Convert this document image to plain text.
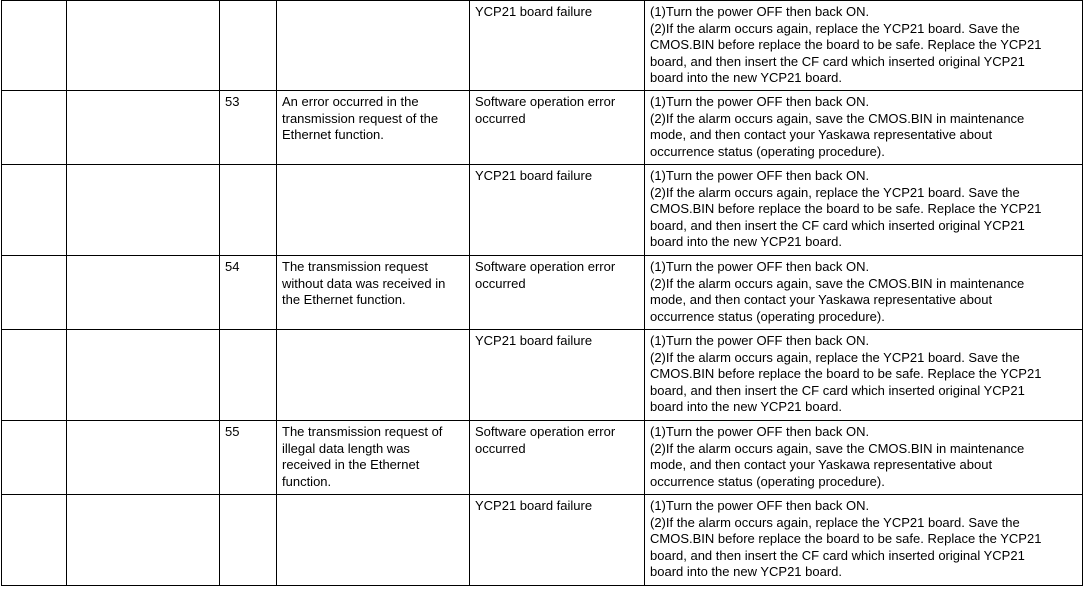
				YCP21 board failure	(1)Turn the power OFF then back ON.
(2)If the alarm occurs again, replace the YCP21 board. Save the
CMOS.BIN before replace the board to be safe. Replace the YCP21
board, and then insert the CF card which inserted original YCP21
board into the new YCP21 board.

		53	An error occurred in the
transmission request of the
Ethernet function.	Software operation error
occurred	(1)Turn the power OFF then back ON.
(2)If the alarm occurs again, save the CMOS.BIN in maintenance
mode, and then contact your Yaskawa representative about
occurrence status (operating procedure).

				YCP21 board failure	(1)Turn the power OFF then back ON.
(2)If the alarm occurs again, replace the YCP21 board. Save the
CMOS.BIN before replace the board to be safe. Replace the YCP21
board, and then insert the CF card which inserted original YCP21
board into the new YCP21 board.

		54	The transmission request
without data was received in
the Ethernet function.	Software operation error
occurred	(1)Turn the power OFF then back ON.
(2)If the alarm occurs again, save the CMOS.BIN in maintenance
mode, and then contact your Yaskawa representative about
occurrence status (operating procedure).

				YCP21 board failure	(1)Turn the power OFF then back ON.
(2)If the alarm occurs again, replace the YCP21 board. Save the
CMOS.BIN before replace the board to be safe. Replace the YCP21
board, and then insert the CF card which inserted original YCP21
board into the new YCP21 board.

		55	The transmission request of
illegal data length was
received in the Ethernet
function.	Software operation error
occurred	(1)Turn the power OFF then back ON.
(2)If the alarm occurs again, save the CMOS.BIN in maintenance
mode, and then contact your Yaskawa representative about
occurrence status (operating procedure).

				YCP21 board failure	(1)Turn the power OFF then back ON.
(2)If the alarm occurs again, replace the YCP21 board. Save the
CMOS.BIN before replace the board to be safe. Replace the YCP21
board, and then insert the CF card which inserted original YCP21
board into the new YCP21 board.
